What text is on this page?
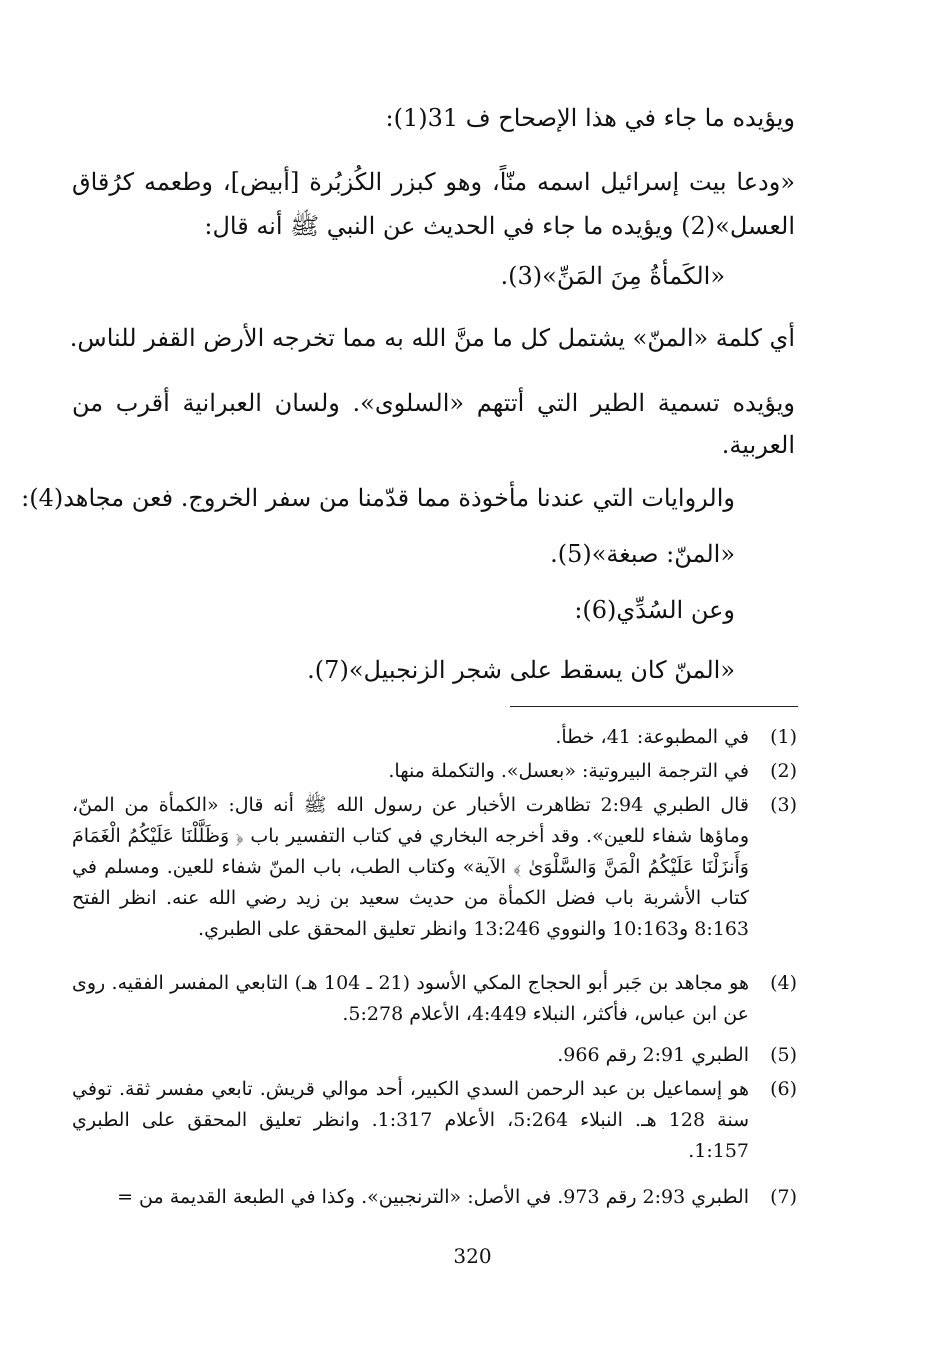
ويؤيده ما جاء في هذا الإصحاح ف 31(1):
«ودعا بيت إسرائيل اسمه منّاً، وهو كبزر الكُزبُرة [أبيض]، وطعمه كرُقاق العسل»(2) ويؤيده ما جاء في الحديث عن النبي ﷺ أنه قال:
«الكَمأةُ مِنَ المَنِّ»(3).
أي كلمة «المنّ» يشتمل كل ما منَّ الله به مما تخرجه الأرض القفر للناس.
ويؤيده تسمية الطير التي أتتهم «السلوى». ولسان العبرانية أقرب من العربية.
والروايات التي عندنا مأخوذة مما قدّمنا من سفر الخروج. فعن مجاهد(4):
«المنّ: صبغة»(5).
وعن السُدِّي(6):
«المنّ كان يسقط على شجر الزنجبيل»(7).
(1)
في المطبوعة: 41، خطأ.
(2)
في الترجمة البيروتية: «بعسل». والتكملة منها.
(3)
قال الطبري 2:94 تظاهرت الأخبار عن رسول الله ﷺ أنه قال: «الكمأة من المنّ، وماؤها شفاء للعين». وقد أخرجه البخاري في كتاب التفسير باب ﴿ وَظَلَّلْنَا عَلَيْكُمُ الْغَمَامَ وَأَنزَلْنَا عَلَيْكُمُ الْمَنَّ وَالسَّلْوَىٰ ﴾ الآية» وكتاب الطب، باب المنّ شفاء للعين. ومسلم في كتاب الأشربة باب فضل الكمأة من حديث سعيد بن زيد رضي الله عنه. انظر الفتح 8:163 و10:163 والنووي 13:246 وانظر تعليق المحقق على الطبري.
(4)
هو مجاهد بن جَبر أبو الحجاج المكي الأسود (21 ـ 104 هـ) التابعي المفسر الفقيه. روى عن ابن عباس، فأكثر، النبلاء 4:449، الأعلام 5:278.
(5)
الطبري 2:91 رقم 966.
(6)
هو إسماعيل بن عبد الرحمن السدي الكبير، أحد موالي قريش. تابعي مفسر ثقة. توفي سنة 128 هـ. النبلاء 5:264، الأعلام 1:317. وانظر تعليق المحقق على الطبري 1:157.
(7)
الطبري 2:93 رقم 973. في الأصل: «الترنجبين». وكذا في الطبعة القديمة من =
320
